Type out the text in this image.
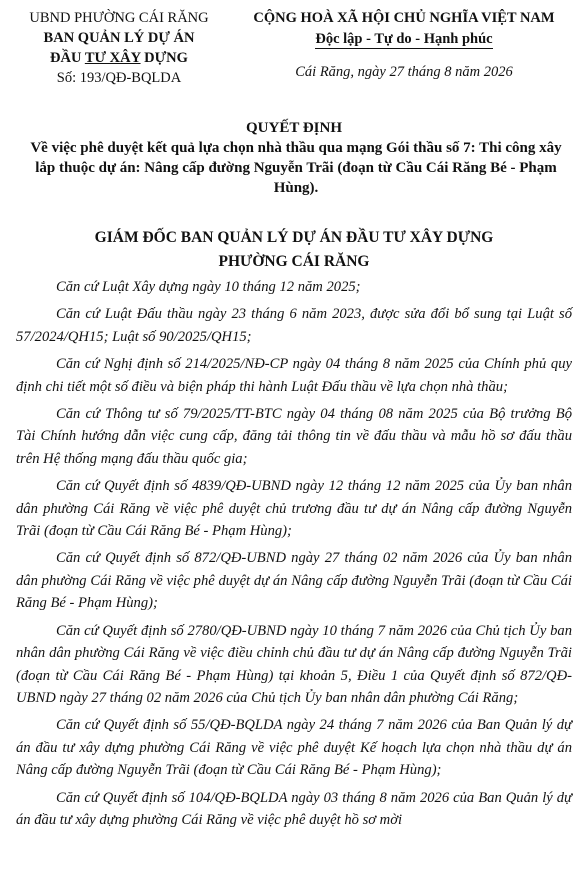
UBND PHƯỜNG CÁI RĂNG
BAN QUẢN LÝ DỰ ÁN
ĐẦU TƯ XÂY DỰNG
Số: 193/QĐ-BQLDA
CỘNG HOÀ XÃ HỘI CHỦ NGHĨA VIỆT NAM
Độc lập - Tự do - Hạnh phúc
Cái Răng, ngày 27 tháng 8 năm 2026
QUYẾT ĐỊNH
Về việc phê duyệt kết quả lựa chọn nhà thầu qua mạng Gói thầu số 7: Thi công xây lắp thuộc dự án: Nâng cấp đường Nguyễn Trãi (đoạn từ Cầu Cái Răng Bé - Phạm Hùng).
GIÁM ĐỐC BAN QUẢN LÝ DỰ ÁN ĐẦU TƯ XÂY DỰNG
PHƯỜNG CÁI RĂNG

Căn cứ Luật Xây dựng ngày 10 tháng 12 năm 2025;

Căn cứ Luật Đấu thầu ngày 23 tháng 6 năm 2023, được sửa đổi bổ sung tại Luật số 57/2024/QH15; Luật số 90/2025/QH15;

Căn cứ Nghị định số 214/2025/NĐ-CP ngày 04 tháng 8 năm 2025 của Chính phủ quy định chi tiết một số điều và biện pháp thi hành Luật Đấu thầu về lựa chọn nhà thầu;

Căn cứ Thông tư số 79/2025/TT-BTC ngày 04 tháng 08 năm 2025 của Bộ trưởng Bộ Tài Chính hướng dẫn việc cung cấp, đăng tải thông tin về đấu thầu và mẫu hồ sơ đấu thầu trên Hệ thống mạng đấu thầu quốc gia;

Căn cứ Quyết định số 4839/QĐ-UBND ngày 12 tháng 12 năm 2025 của Ủy ban nhân dân phường Cái Răng về việc phê duyệt chủ trương đầu tư dự án Nâng cấp đường Nguyễn Trãi (đoạn từ Cầu Cái Răng Bé - Phạm Hùng);

Căn cứ Quyết định số 872/QĐ-UBND ngày 27 tháng 02 năm 2026 của Ủy ban nhân dân phường Cái Răng về việc phê duyệt dự án Nâng cấp đường Nguyễn Trãi (đoạn từ Cầu Cái Răng Bé - Phạm Hùng);

Căn cứ Quyết định số 2780/QĐ-UBND ngày 10 tháng 7 năm 2026 của Chủ tịch Ủy ban nhân dân phường Cái Răng về việc điều chỉnh chủ đầu tư dự án Nâng cấp đường Nguyễn Trãi (đoạn từ Cầu Cái Răng Bé - Phạm Hùng) tại khoản 5, Điều 1 của Quyết định số 872/QĐ-UBND ngày 27 tháng 02 năm 2026 của Chủ tịch Ủy ban nhân dân phường Cái Răng;

Căn cứ Quyết định số 55/QĐ-BQLDA ngày 24 tháng 7 năm 2026 của Ban Quản lý dự án đầu tư xây dựng phường Cái Răng về việc phê duyệt Kế hoạch lựa chọn nhà thầu dự án Nâng cấp đường Nguyễn Trãi (đoạn từ Cầu Cái Răng Bé - Phạm Hùng);

Căn cứ Quyết định số 104/QĐ-BQLDA ngày 03 tháng 8 năm 2026 của Ban Quản lý dự án đầu tư xây dựng phường Cái Răng về việc phê duyệt hồ sơ mời
